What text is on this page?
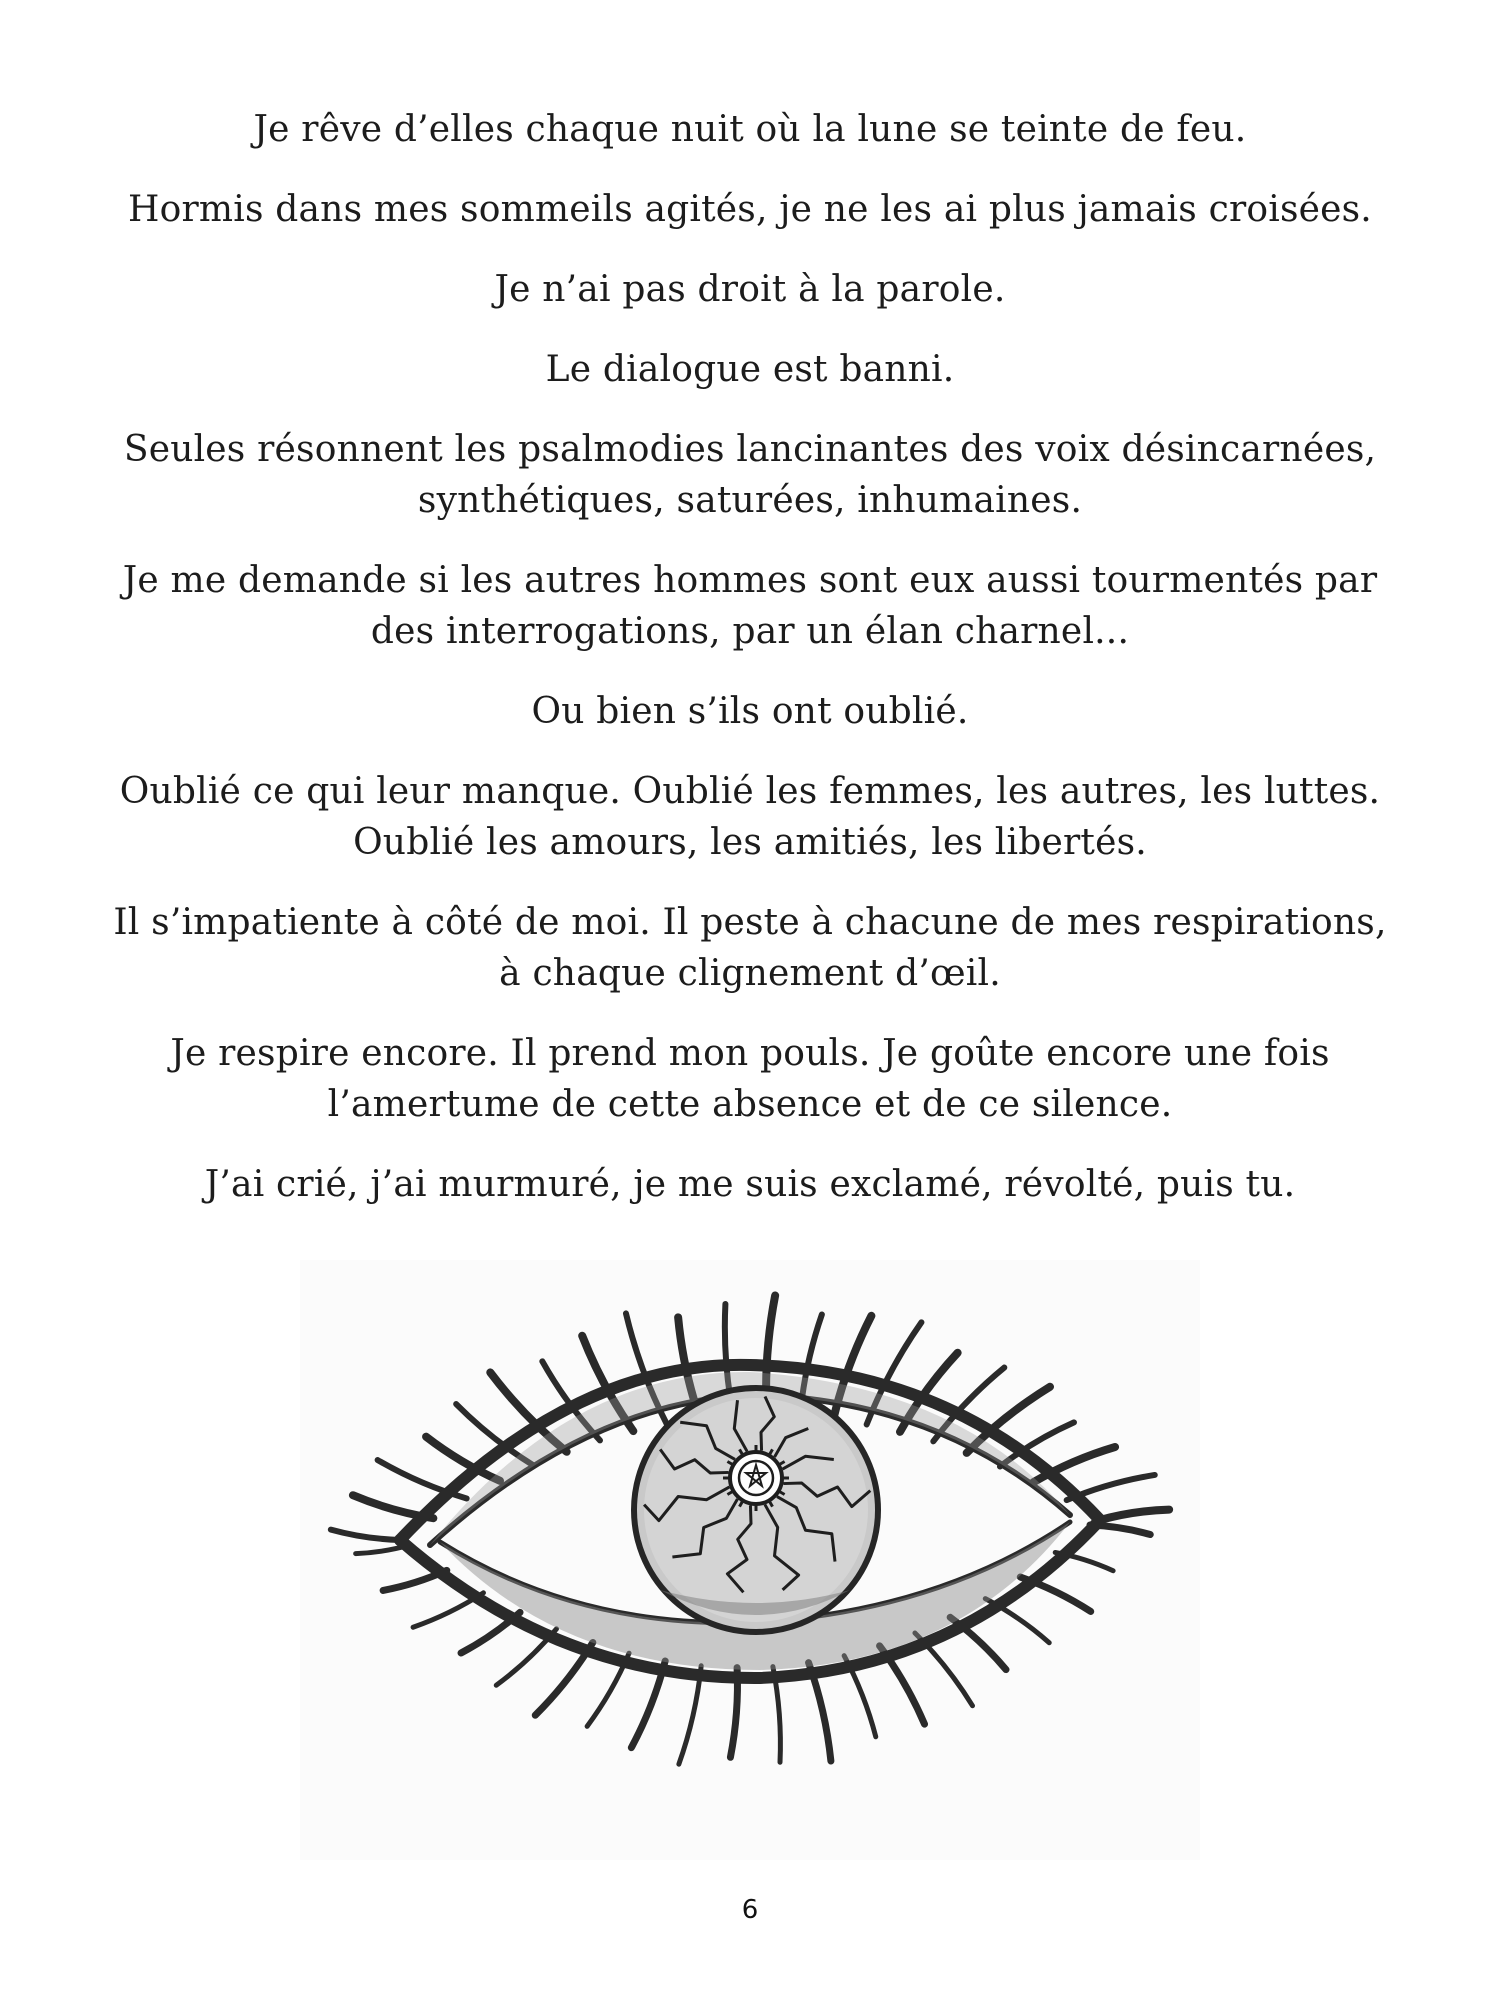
Je rêve d’elles chaque nuit où la lune se teinte de feu.

Hormis dans mes sommeils agités, je ne les ai plus jamais croisées.

Je n’ai pas droit à la parole.

Le dialogue est banni.

Seules résonnent les psalmodies lancinantes des voix désincarnées,
synthétiques, saturées, inhumaines.

Je me demande si les autres hommes sont eux aussi tourmentés par
des interrogations, par un élan charnel...

Ou bien s’ils ont oublié.

Oublié ce qui leur manque. Oublié les femmes, les autres, les luttes.
Oublié les amours, les amitiés, les libertés.

Il s’impatiente à côté de moi. Il peste à chacune de mes respirations,
à chaque clignement d’œil.

Je respire encore. Il prend mon pouls. Je goûte encore une fois
l’amertume de cette absence et de ce silence.

J’ai crié, j’ai murmuré, je me suis exclamé, révolté, puis tu.

6
